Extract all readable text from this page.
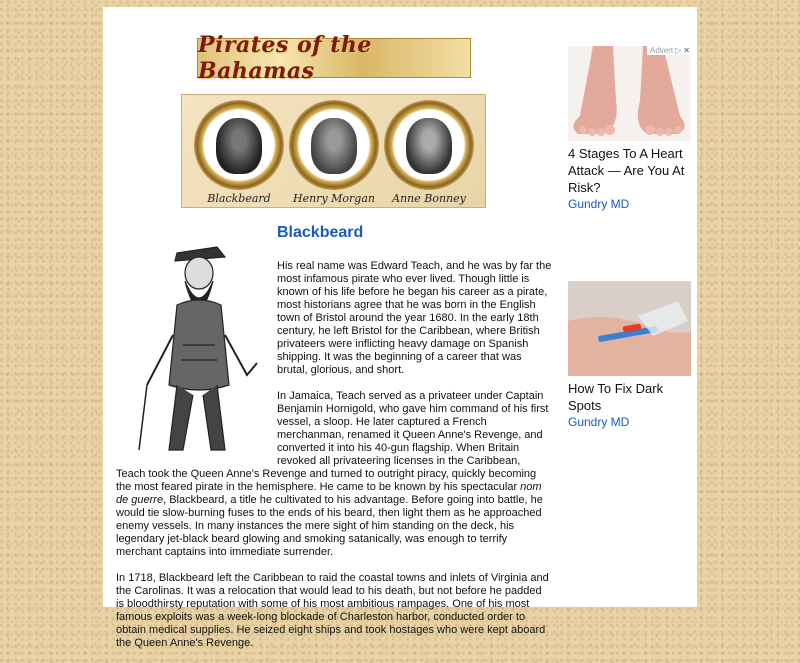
Pirates of the Bahamas
Blackbeard	Henry Morgan	Anne Bonney
Blackbeard

His real name was Edward Teach, and he was by far the most infamous pirate who ever lived. Though little is known of his life before he began his career as a pirate, most historians agree that he was born in the English town of Bristol around the year 1680. In the early 18th century, he left Bristol for the Caribbean, where British privateers were inflicting heavy damage on Spanish shipping. It was the beginning of a career that was brutal, glorious, and short.

In Jamaica, Teach served as a privateer under Captain Benjamin Hornigold, who gave him command of his first vessel, a sloop. He later captured a French merchanman, renamed it Queen Anne's Revenge, and converted it into his 40-gun flagship. When Britain revoked all privateering licenses in the Caribbean, Teach took the Queen Anne's Revenge and turned to outright piracy, quickly becoming the most feared pirate in the hemisphere. He came to be known by his spectacular nom de guerre, Blackbeard, a title he cultivated to his advantage. Before going into battle, he would tie slow-burning fuses to the ends of his beard, then light them as he approached enemy vessels. In many instances the mere sight of him standing on the deck, his legendary jet-black beard glowing and smoking satanically, was enough to terrify merchant captains into immediate surrender.

In 1718, Blackbeard left the Caribbean to raid the coastal towns and inlets of Virginia and the Carolinas. It was a relocation that would lead to his death, but not before he padded is bloodthirsty reputation with some of his most ambitious rampages. One of his most famous exploits was a week-long blockade of Charleston harbor, conducted order to obtain medical supplies. He seized eight ships and took hostages who were kept aboard the Queen Anne's Revenge.

Advert ▷ ✕
4 Stages To A Heart Attack — Are You At Risk?
Gundry MD
How To Fix Dark Spots
Gundry MD
